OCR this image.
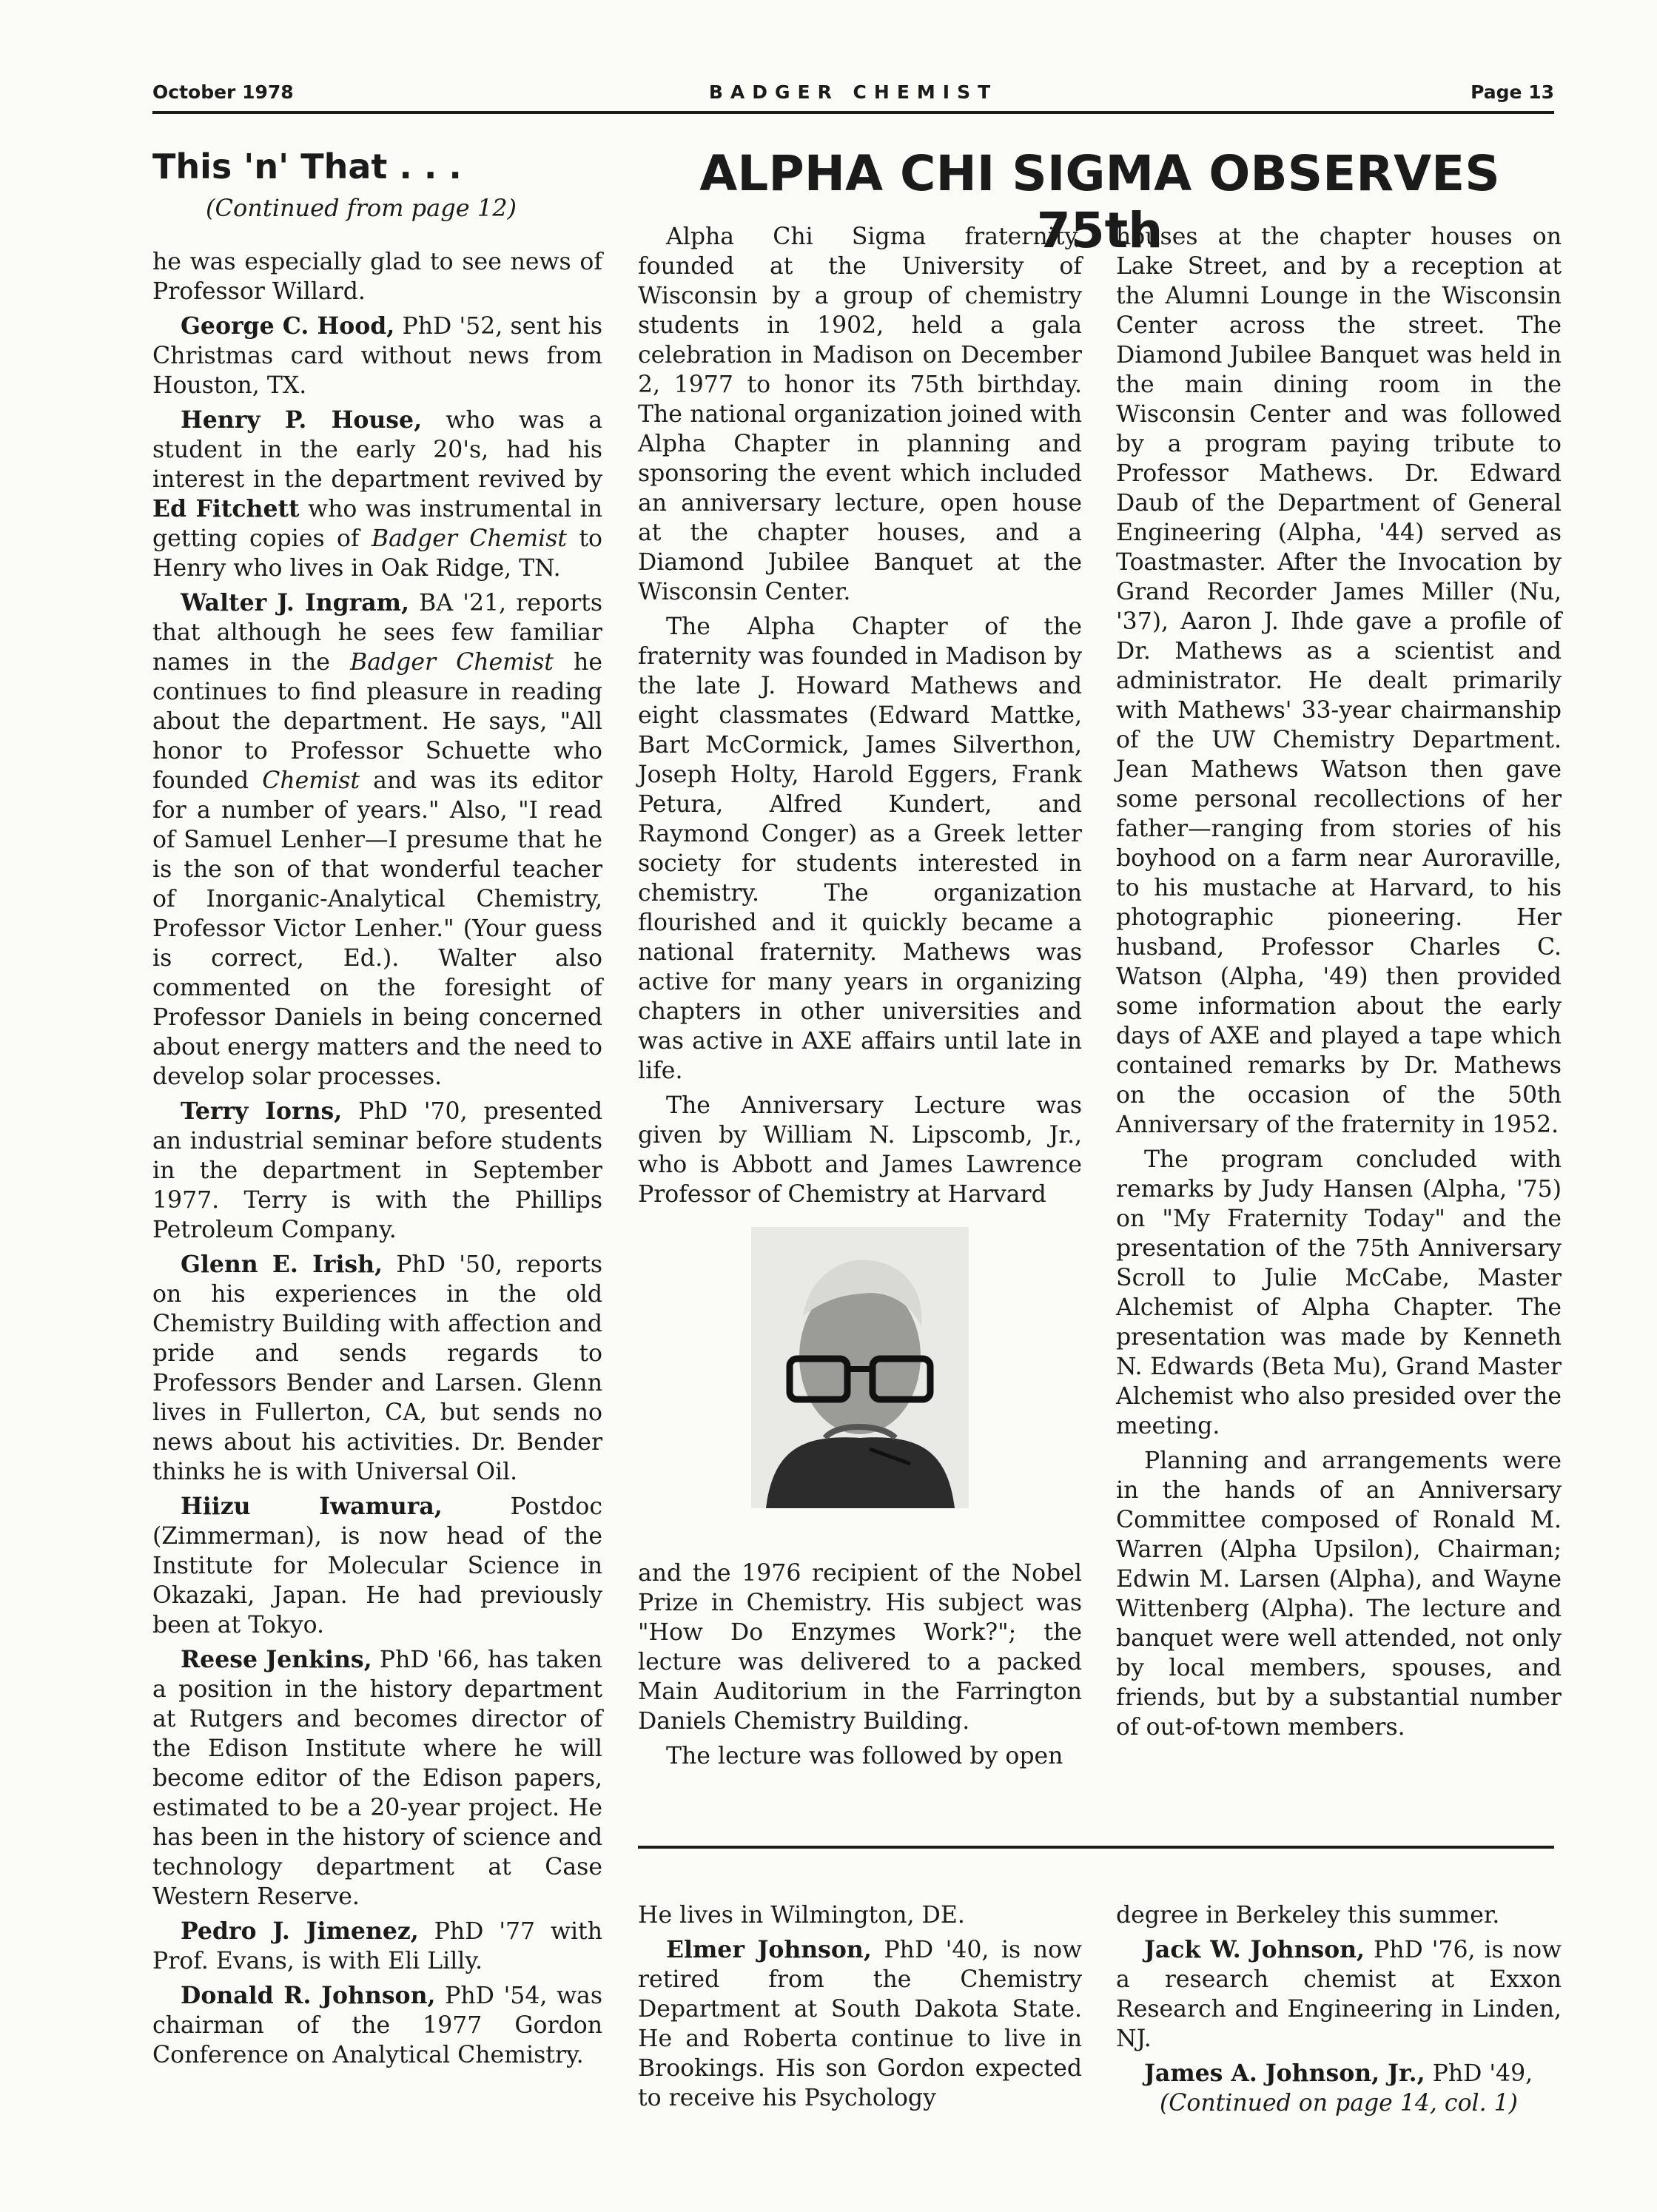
October 1978	BADGER CHEMIST	Page 13
This 'n' That . . .
(Continued from page 12)

he was especially glad to see news of Professor Willard.

George C. Hood, PhD '52, sent his Christmas card without news from Houston, TX.

Henry P. House, who was a student in the early 20's, had his interest in the department revived by Ed Fitchett who was instrumental in getting copies of Badger Chemist to Henry who lives in Oak Ridge, TN.

Walter J. Ingram, BA '21, reports that although he sees few familiar names in the Badger Chemist he continues to find pleasure in reading about the department. He says, "All honor to Professor Schuette who founded Chemist and was its editor for a number of years." Also, "I read of Samuel Lenher—I presume that he is the son of that wonderful teacher of Inorganic-Analytical Chemistry, Professor Victor Lenher." (Your guess is correct, Ed.). Walter also commented on the foresight of Professor Daniels in being concerned about energy matters and the need to develop solar processes.

Terry Iorns, PhD '70, presented an industrial seminar before students in the department in September 1977. Terry is with the Phillips Petroleum Company.

Glenn E. Irish, PhD '50, reports on his experiences in the old Chemistry Building with affection and pride and sends regards to Professors Bender and Larsen. Glenn lives in Fullerton, CA, but sends no news about his activities. Dr. Bender thinks he is with Universal Oil.

Hiizu Iwamura, Postdoc (Zimmerman), is now head of the Institute for Molecular Science in Okazaki, Japan. He had previously been at Tokyo.

Reese Jenkins, PhD '66, has taken a position in the history department at Rutgers and becomes director of the Edison Institute where he will become editor of the Edison papers, estimated to be a 20-year project. He has been in the history of science and technology department at Case Western Reserve.

Pedro J. Jimenez, PhD '77 with Prof. Evans, is with Eli Lilly.

Donald R. Johnson, PhD '54, was chairman of the 1977 Gordon Conference on Analytical Chemistry.

ALPHA CHI SIGMA OBSERVES 75th

Alpha Chi Sigma fraternity, founded at the University of Wisconsin by a group of chemistry students in 1902, held a gala celebration in Madison on December 2, 1977 to honor its 75th birthday. The national organization joined with Alpha Chapter in planning and sponsoring the event which included an anniversary lecture, open house at the chapter houses, and a Diamond Jubilee Banquet at the Wisconsin Center.

The Alpha Chapter of the fraternity was founded in Madison by the late J. Howard Mathews and eight classmates (Edward Mattke, Bart McCormick, James Silverthon, Joseph Holty, Harold Eggers, Frank Petura, Alfred Kundert, and Raymond Conger) as a Greek letter society for students interested in chemistry. The organization flourished and it quickly became a national fraternity. Mathews was active for many years in organizing chapters in other universities and was active in AXE affairs until late in life.

The Anniversary Lecture was given by William N. Lipscomb, Jr., who is Abbott and James Lawrence Professor of Chemistry at Harvard

and the 1976 recipient of the Nobel Prize in Chemistry. His subject was "How Do Enzymes Work?"; the lecture was delivered to a packed Main Auditorium in the Farrington Daniels Chemistry Building.

The lecture was followed by open

houses at the chapter houses on Lake Street, and by a reception at the Alumni Lounge in the Wisconsin Center across the street. The Diamond Jubilee Banquet was held in the main dining room in the Wisconsin Center and was followed by a program paying tribute to Professor Mathews. Dr. Edward Daub of the Department of General Engineering (Alpha, '44) served as Toastmaster. After the Invocation by Grand Recorder James Miller (Nu, '37), Aaron J. Ihde gave a profile of Dr. Mathews as a scientist and administrator. He dealt primarily with Mathews' 33-year chairmanship of the UW Chemistry Department. Jean Mathews Watson then gave some personal recollections of her father—ranging from stories of his boyhood on a farm near Auroraville, to his mustache at Harvard, to his photographic pioneering. Her husband, Professor Charles C. Watson (Alpha, '49) then provided some information about the early days of AXE and played a tape which contained remarks by Dr. Mathews on the occasion of the 50th Anniversary of the fraternity in 1952.

The program concluded with remarks by Judy Hansen (Alpha, '75) on "My Fraternity Today" and the presentation of the 75th Anniversary Scroll to Julie McCabe, Master Alchemist of Alpha Chapter. The presentation was made by Kenneth N. Edwards (Beta Mu), Grand Master Alchemist who also presided over the meeting.

Planning and arrangements were in the hands of an Anniversary Committee composed of Ronald M. Warren (Alpha Upsilon), Chairman; Edwin M. Larsen (Alpha), and Wayne Wittenberg (Alpha). The lecture and banquet were well attended, not only by local members, spouses, and friends, but by a substantial number of out-of-town members.

He lives in Wilmington, DE.

Elmer Johnson, PhD '40, is now retired from the Chemistry Department at South Dakota State. He and Roberta continue to live in Brookings. His son Gordon expected to receive his Psychology

degree in Berkeley this summer.

Jack W. Johnson, PhD '76, is now a research chemist at Exxon Research and Engineering in Linden, NJ.

James A. Johnson, Jr., PhD '49,

(Continued on page 14, col. 1)
